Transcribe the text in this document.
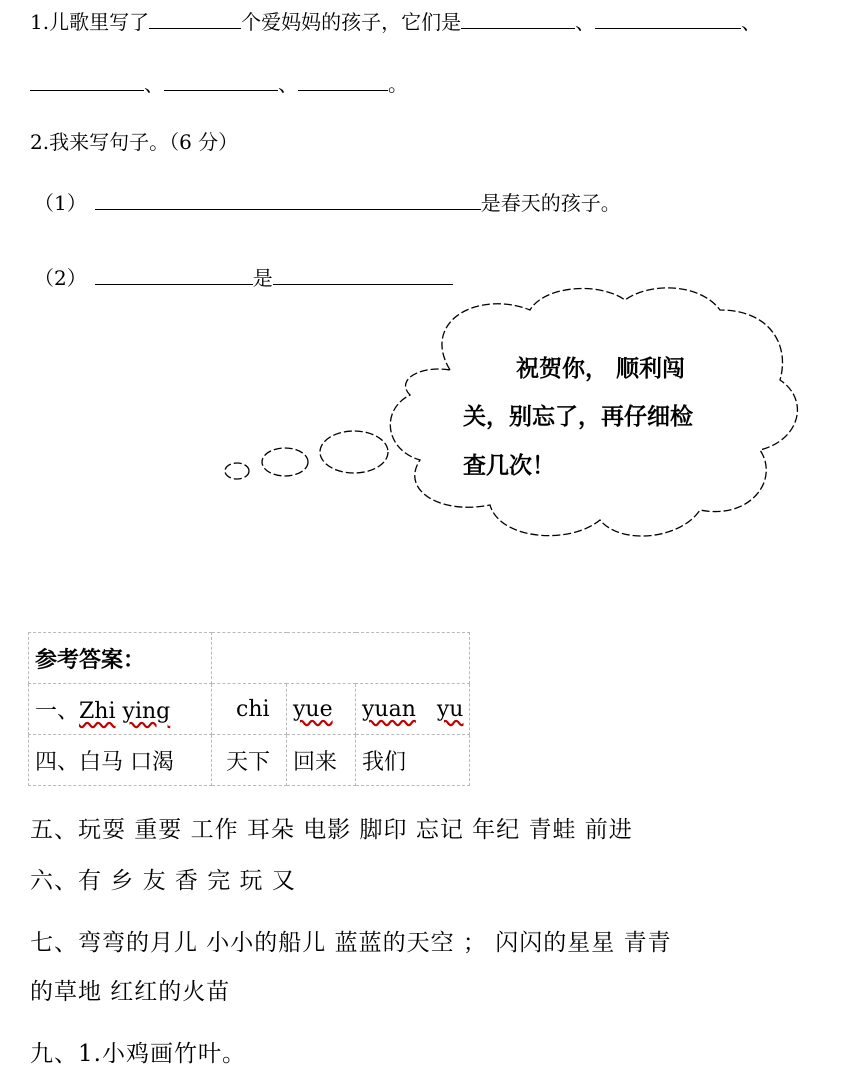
1.儿歌里写了	个爱妈妈的孩子，它们是	、	、
、	、	。
2.我来写句子。（6 分）
（1）	是春天的孩子。
（2）	是
祝贺你， 顺利闯
关，别忘了，再仔细检
查几次！
参考答案：			
一、Zhi ying	chi	yue	yuan yu
四、白马 口渴	天下	回来	我们
五、玩耍 重要 工作 耳朵 电影 脚印 忘记 年纪 青蛙 前进
六、有 乡 友 香 完 玩 又
七、弯弯的月儿 小小的船儿 蓝蓝的天空 ； 闪闪的星星 青青
的草地 红红的火苗
九、1.小鸡画竹叶。
